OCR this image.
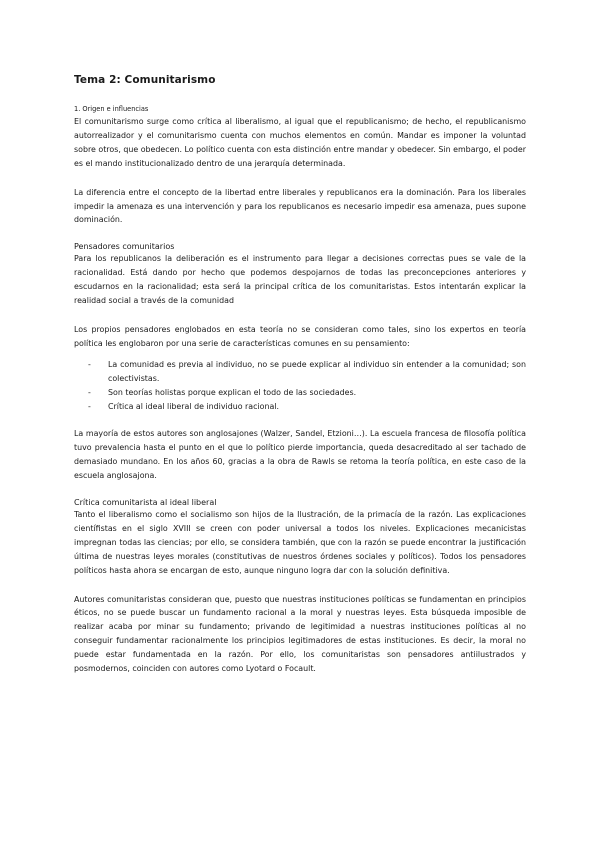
Tema 2: Comunitarismo
1. Origen e influencias

El comunitarismo surge como crítica al liberalismo, al igual que el republicanismo; de hecho, el republicanismo autorrealizador y el comunitarismo cuenta con muchos elementos en común. Mandar es imponer la voluntad sobre otros, que obedecen. Lo político cuenta con esta distinción entre mandar y obedecer. Sin embargo, el poder es el mando institucionalizado dentro de una jerarquía determinada.

La diferencia entre el concepto de la libertad entre liberales y republicanos era la dominación. Para los liberales impedir la amenaza es una intervención y para los republicanos es necesario impedir esa amenaza, pues supone dominación.

Pensadores comunitarios

Para los republicanos la deliberación es el instrumento para llegar a decisiones correctas pues se vale de la racionalidad. Está dando por hecho que podemos despojarnos de todas las preconcepciones anteriores y escudarnos en la racionalidad; esta será la principal crítica de los comunitaristas. Estos intentarán explicar la realidad social a través de la comunidad

Los propios pensadores englobados en esta teoría no se consideran como tales, sino los expertos en teoría política les englobaron por una serie de características comunes en su pensamiento:

- La comunidad es previa al individuo, no se puede explicar al individuo sin entender a la comunidad; son colectivistas.
- Son teorías holistas porque explican el todo de las sociedades.
- Crítica al ideal liberal de individuo racional.

La mayoría de estos autores son anglosajones (Walzer, Sandel, Etzioni…). La escuela francesa de filosofía política tuvo prevalencia hasta el punto en el que lo político pierde importancia, queda desacreditado al ser tachado de demasiado mundano. En los años 60, gracias a la obra de Rawls se retoma la teoría política, en este caso de la escuela anglosajona.

Crítica comunitarista al ideal liberal

Tanto el liberalismo como el socialismo son hijos de la Ilustración, de la primacía de la razón. Las explicaciones científistas en el siglo XVIII se creen con poder universal a todos los niveles. Explicaciones mecanicistas impregnan todas las ciencias; por ello, se considera también, que con la razón se puede encontrar la justificación última de nuestras leyes morales (constitutivas de nuestros órdenes sociales y políticos). Todos los pensadores políticos hasta ahora se encargan de esto, aunque ninguno logra dar con la solución definitiva.

Autores comunitaristas consideran que, puesto que nuestras instituciones políticas se fundamentan en principios éticos, no se puede buscar un fundamento racional a la moral y nuestras leyes. Esta búsqueda imposible de realizar acaba por minar su fundamento; privando de legitimidad a nuestras instituciones políticas al no conseguir fundamentar racionalmente los principios legitimadores de estas instituciones. Es decir, la moral no puede estar fundamentada en la razón. Por ello, los comunitaristas son pensadores antiilustrados y posmodernos, coinciden con autores como Lyotard o Focault.
